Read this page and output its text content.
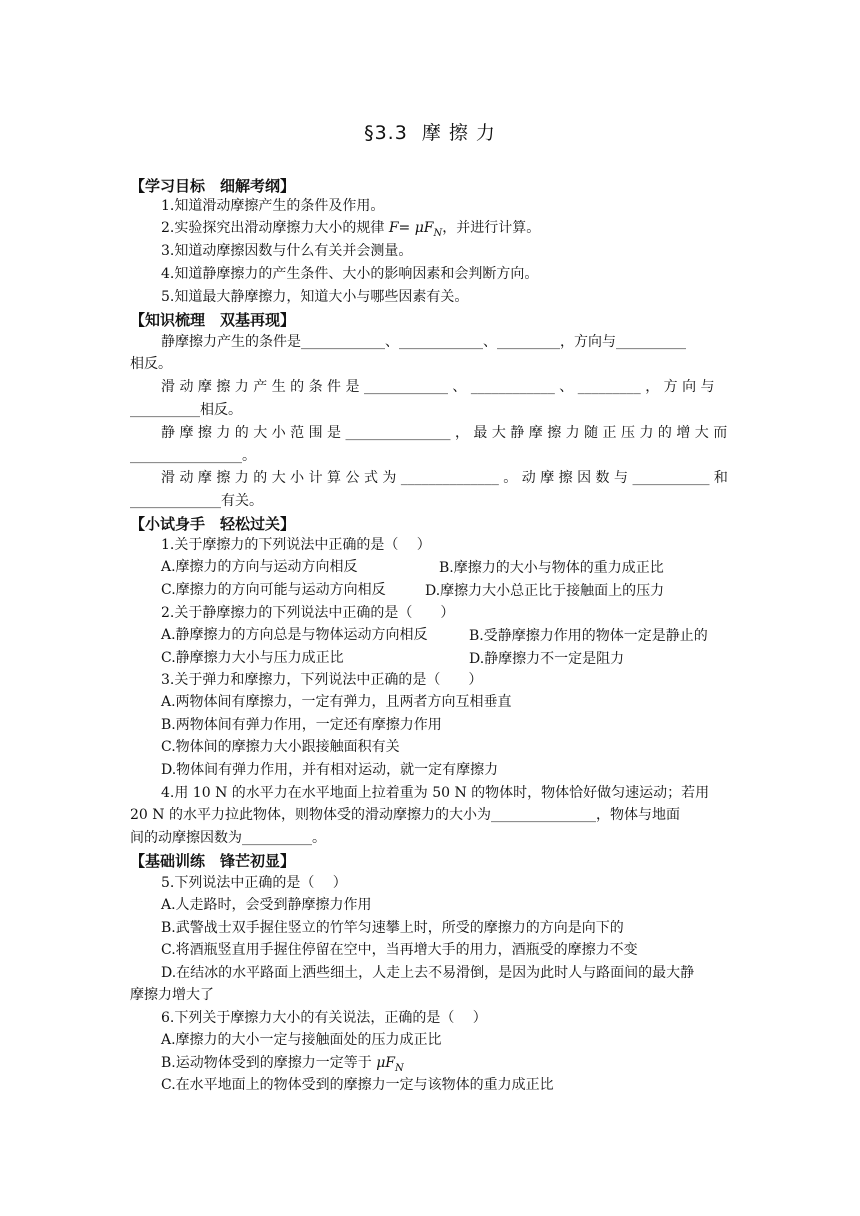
§3.3 摩 擦 力
【学习目标　细解考纲】
1.知道滑动摩擦产生的条件及作用。
2.实验探究出滑动摩擦力大小的规律 $F= \mu F_N$，并进行计算。
3.知道动摩擦因数与什么有关并会测量。
4.知道静摩擦力的产生条件、大小的影响因素和会判断方向。
5.知道最大静摩擦力，知道大小与哪些因素有关。
【知识梳理　双基再现】
静摩擦力产生的条件是____________、____________、_________，方向与__________
相反。
滑 动 摩 擦 力 产 生 的 条 件 是 ____________ 、 ____________ 、 _________ ， 方 向 与
__________相反。
静 摩 擦 力 的 大 小 范 围 是 _______________ ， 最 大 静 摩 擦 力 随 正 压 力 的 增 大 而
________________。
滑 动 摩 擦 力 的 大 小 计 算 公 式 为 ______________ 。 动 摩 擦 因 数 与 ___________ 和
_____________有关。
【小试身手　轻松过关】
1.关于摩擦力的下列说法中正确的是（　 ）
A.摩擦力的方向与运动方向相反	B.摩擦力的大小与物体的重力成正比
C.摩擦力的方向可能与运动方向相反	D.摩擦力大小总正比于接触面上的压力
2.关于静摩擦力的下列说法中正确的是（　　）
A.静摩擦力的方向总是与物体运动方向相反	B.受静摩擦力作用的物体一定是静止的
C.静摩擦力大小与压力成正比	D.静摩擦力不一定是阻力
3.关于弹力和摩擦力，下列说法中正确的是（　　）
A.两物体间有摩擦力，一定有弹力，且两者方向互相垂直
B.两物体间有弹力作用，一定还有摩擦力作用
C.物体间的摩擦力大小跟接触面积有关
D.物体间有弹力作用，并有相对运动，就一定有摩擦力
4.用 10 N 的水平力在水平地面上拉着重为 50 N 的物体时，物体恰好做匀速运动；若用
20 N 的水平力拉此物体，则物体受的滑动摩擦力的大小为_______________，物体与地面
间的动摩擦因数为__________。
【基础训练　锋芒初显】
5.下列说法中正确的是（　 ）
A.人走路时，会受到静摩擦力作用
B.武警战士双手握住竖立的竹竿匀速攀上时，所受的摩擦力的方向是向下的
C.将酒瓶竖直用手握住停留在空中，当再增大手的用力，酒瓶受的摩擦力不变
D.在结冰的水平路面上洒些细土，人走上去不易滑倒，是因为此时人与路面间的最大静
摩擦力增大了
6.下列关于摩擦力大小的有关说法，正确的是（　 ）
A.摩擦力的大小一定与接触面处的压力成正比
B.运动物体受到的摩擦力一定等于 $\mu F_N$
C.在水平地面上的物体受到的摩擦力一定与该物体的重力成正比
